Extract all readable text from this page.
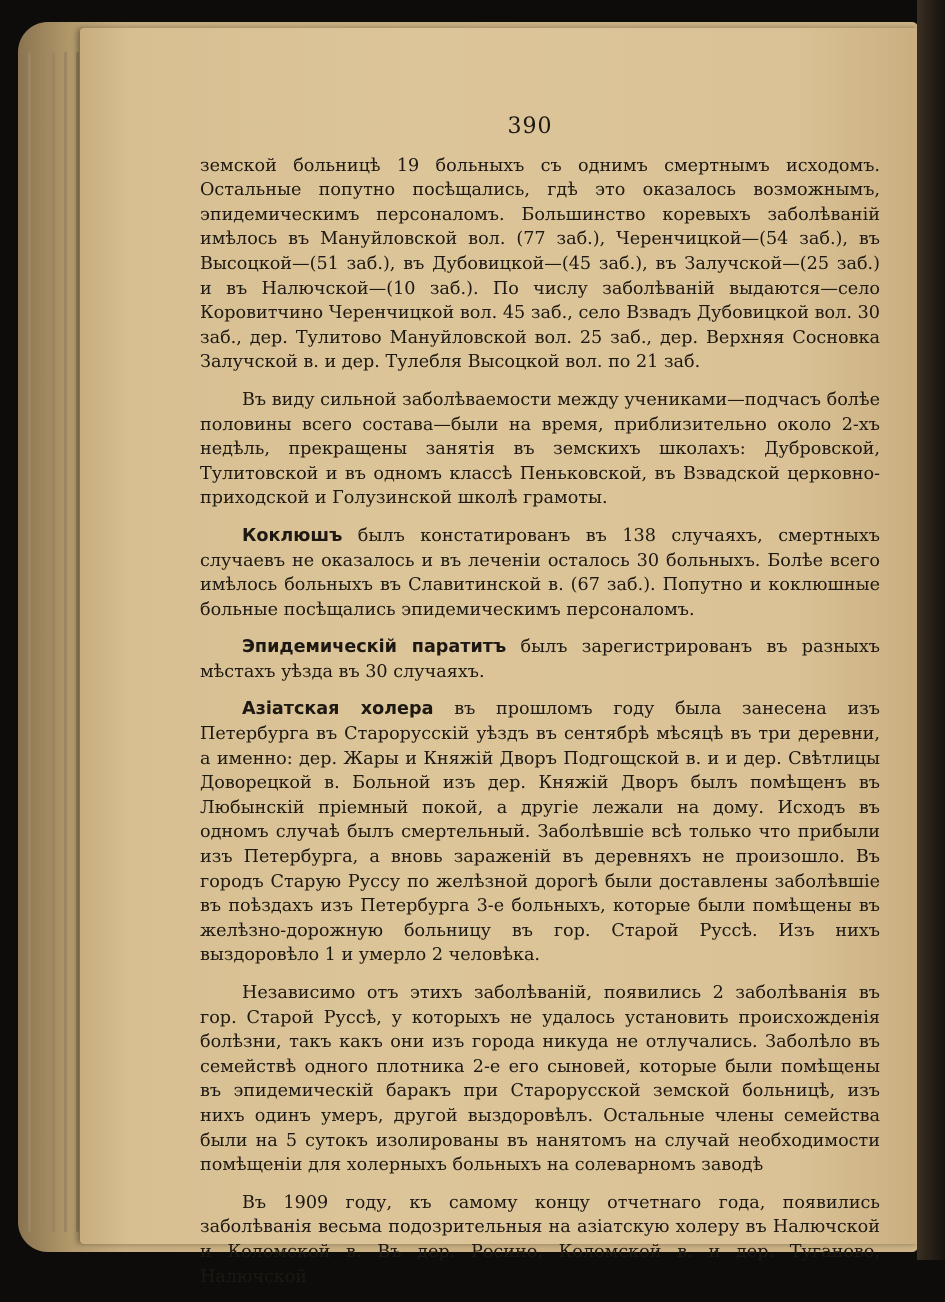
390

земской больницѣ 19 больныхъ съ однимъ смертнымъ исходомъ. Остальные попутно посѣщались, гдѣ это оказалось возможнымъ, эпидемическимъ персоналомъ. Большинство коревыхъ заболѣваній имѣлось въ Мануйловской вол. (77 заб.), Черенчицкой—(54 заб.), въ Высоцкой—(51 заб.), въ Дубовицкой—(45 заб.), въ Залучской—(25 заб.) и въ Налючской—(10 заб.). По числу заболѣваній выдаются—село Коровитчино Черенчицкой вол. 45 заб., село Взвадъ Дубовицкой вол. 30 заб., дер. Тулитово Мануйловской вол. 25 заб., дер. Верхняя Сосновка Залучской в. и дер. Тулебля Высоцкой вол. по 21 заб.

Въ виду сильной заболѣваемости между учениками—подчасъ болѣе половины всего состава—были на время, приблизительно около 2-хъ недѣль, прекращены занятія въ земскихъ школахъ: Дубровской, Тулитовской и въ одномъ классѣ Пеньковской, въ Взвадской церковно-приходской и Голузинской школѣ грамоты.

Коклюшъ былъ констатированъ въ 138 случаяхъ, смертныхъ случаевъ не оказалось и въ леченіи осталось 30 больныхъ. Болѣе всего имѣлось больныхъ въ Славитинской в. (67 заб.). Попутно и коклюшные больные посѣщались эпидемическимъ персоналомъ.

Эпидемическій паратитъ былъ зарегистрированъ въ разныхъ мѣстахъ уѣзда въ 30 случаяхъ.

Азіатская холера въ прошломъ году была занесена изъ Петербурга въ Старорусскій уѣздъ въ сентябрѣ мѣсяцѣ въ три деревни, а именно: дер. Жары и Княжій Дворъ Подгощской в. и и дер. Свѣтлицы Доворецкой в. Больной изъ дер. Княжій Дворъ былъ помѣщенъ въ Любынскій пріемный покой, а другіе лежали на дому. Исходъ въ одномъ случаѣ былъ смертельный. Заболѣвшіе всѣ только что прибыли изъ Петербурга, а вновь зараженій въ деревняхъ не произошло. Въ городъ Старую Руссу по желѣзной дорогѣ были доставлены заболѣвшіе въ поѣздахъ изъ Петербурга 3-е больныхъ, которые были помѣщены въ желѣзно-дорожную больницу въ гор. Старой Руссѣ. Изъ нихъ выздоровѣло 1 и умерло 2 человѣка.

Независимо отъ этихъ заболѣваній, появились 2 заболѣванія въ гор. Старой Руссѣ, у которыхъ не удалось установить происхожденія болѣзни, такъ какъ они изъ города никуда не отлучались. Заболѣло въ семействѣ одного плотника 2-е его сыновей, которые были помѣщены въ эпидемическій баракъ при Старорусской земской больницѣ, изъ нихъ одинъ умеръ, другой выздоровѣлъ. Остальные члены семейства были на 5 сутокъ изолированы въ нанятомъ на случай необходимости помѣщеніи для холерныхъ больныхъ на солеварномъ заводѣ

Въ 1909 году, къ самому концу отчетнаго года, появились заболѣванія весьма подозрительныя на азіатскую холеру въ Налючской и Коломской в. Въ дер. Росино, Коломской в. и дер. Туганово, Налючской
